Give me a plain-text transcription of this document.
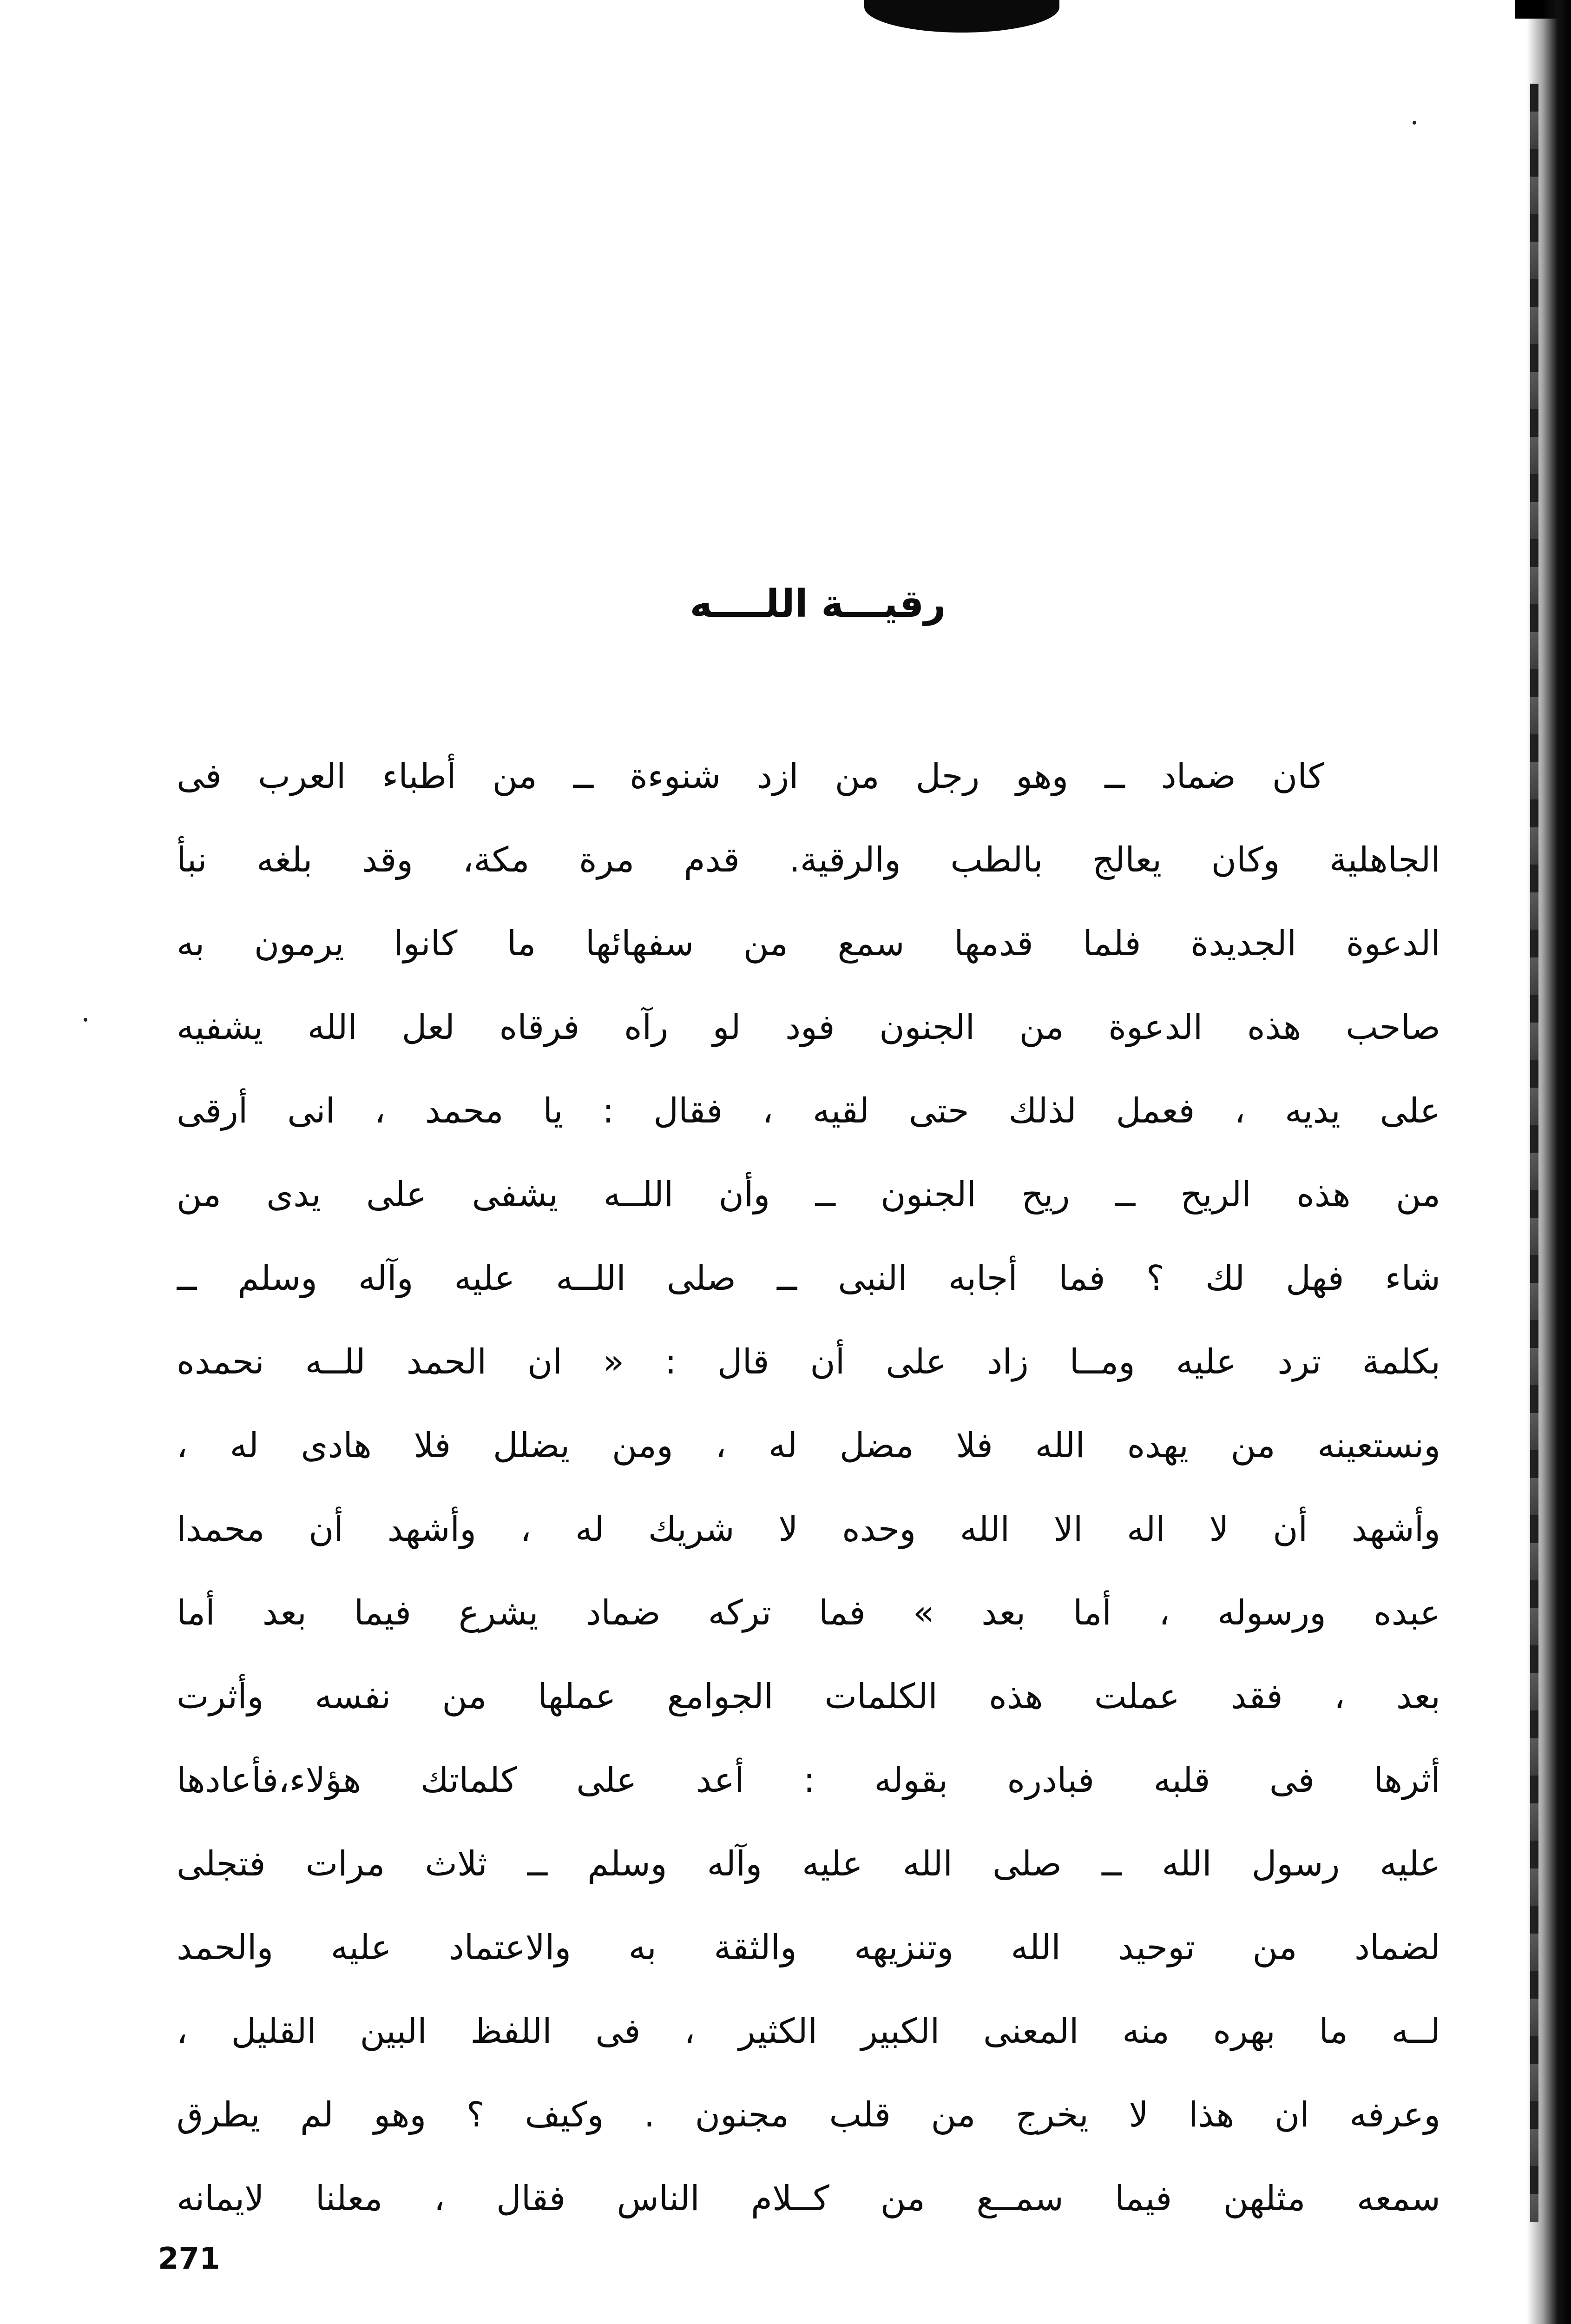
رقيـــة اللــــه
كان ضماد ــ وهو رجل من ازد شنوءة ــ من أطباء العرب فى
الجاهلية وكان يعالج بالطب والرقية. قدم مرة مكة، وقد بلغه نبأ
الدعوة الجديدة فلما قدمها سمع من سفهائها ما كانوا يرمون به
صاحب هذه الدعوة من الجنون فود لو رآه فرقاه لعل الله يشفيه
على يديه ، فعمل لذلك حتى لقيه ، فقال : يا محمد ، انى أرقى
من هذه الريح ــ ريح الجنون ــ وأن اللــه يشفى على يدى من
شاء فهل لك ؟ فما أجابه النبى ــ صلى اللــه عليه وآله وسلم ــ
بكلمة ترد عليه ومــا زاد على أن قال : « ان الحمد للــه نحمده
ونستعينه من يهده الله فلا مضل له ، ومن يضلل فلا هادى له ،
وأشهد أن لا اله الا الله وحده لا شريك له ، وأشهد أن محمدا
عبده ورسوله ، أما بعد » فما تركه ضماد يشرع فيما بعد أما
بعد ، فقد عملت هذه الكلمات الجوامع عملها من نفسه وأثرت
أثرها فى قلبه فبادره بقوله : أعد على كلماتك هؤلاء،فأعادها
عليه رسول الله ــ صلى الله عليه وآله وسلم ــ ثلاث مرات فتجلى
لضماد من توحيد الله وتنزيهه والثقة به والاعتماد عليه والحمد
لــه ما بهره منه المعنى الكبير الكثير ، فى اللفظ البين القليل ،
وعرفه ان هذا لا يخرج من قلب مجنون . وكيف ؟ وهو لم يطرق
سمعه مثلهن فيما سمــع من كــلام الناس فقال ، معلنا لايمانه
271
